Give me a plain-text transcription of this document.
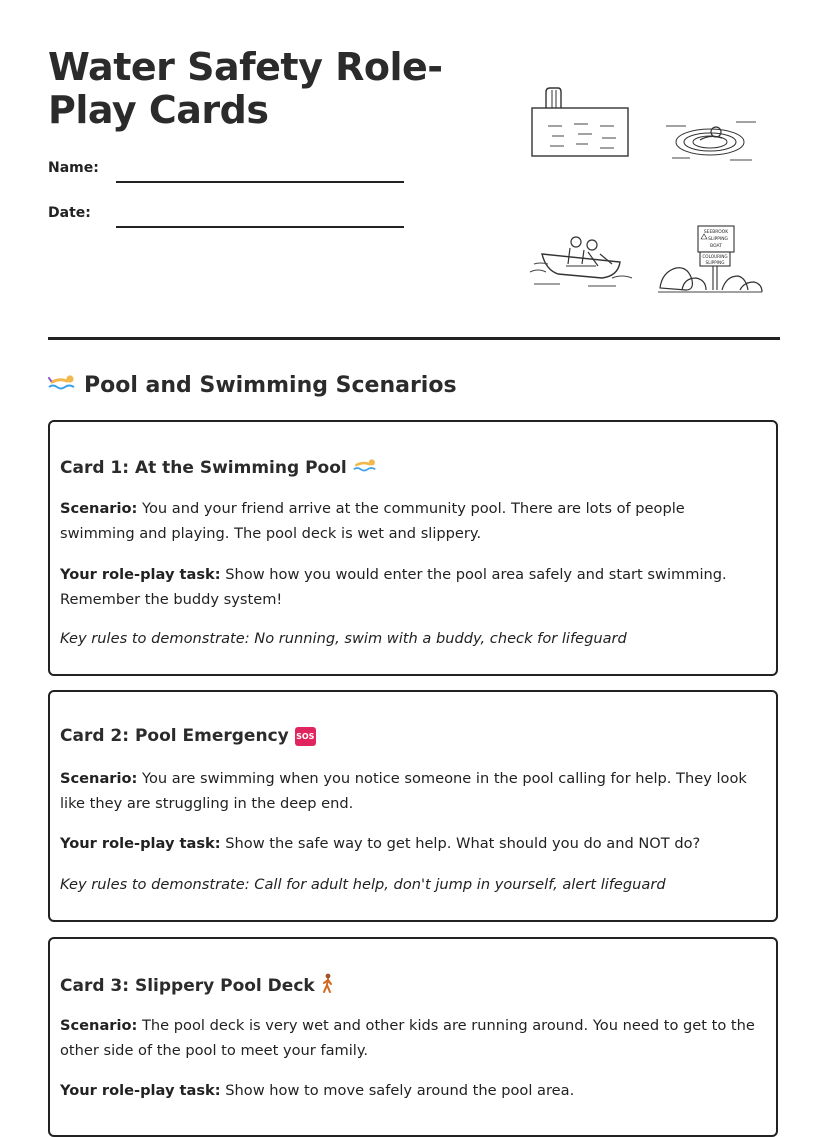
Water Safety Role-Play Cards
Name:
Date:
SEEBROOK
SLIPPING
BOAT
COLOURING
SLIPPING
Pool and Swimming Scenarios
Card 1: At the Swimming Pool

Scenario: You and your friend arrive at the community pool. There are lots of people swimming and playing. The pool deck is wet and slippery.

Your role-play task: Show how you would enter the pool area safely and start swimming. Remember the buddy system!

Key rules to demonstrate: No running, swim with a buddy, check for lifeguard

Card 2: Pool Emergency SOS

Scenario: You are swimming when you notice someone in the pool calling for help. They look like they are struggling in the deep end.

Your role-play task: Show the safe way to get help. What should you do and NOT do?

Key rules to demonstrate: Call for adult help, don't jump in yourself, alert lifeguard

Card 3: Slippery Pool Deck

Scenario: The pool deck is very wet and other kids are running around. You need to get to the other side of the pool to meet your family.

Your role-play task: Show how to move safely around the pool area.
